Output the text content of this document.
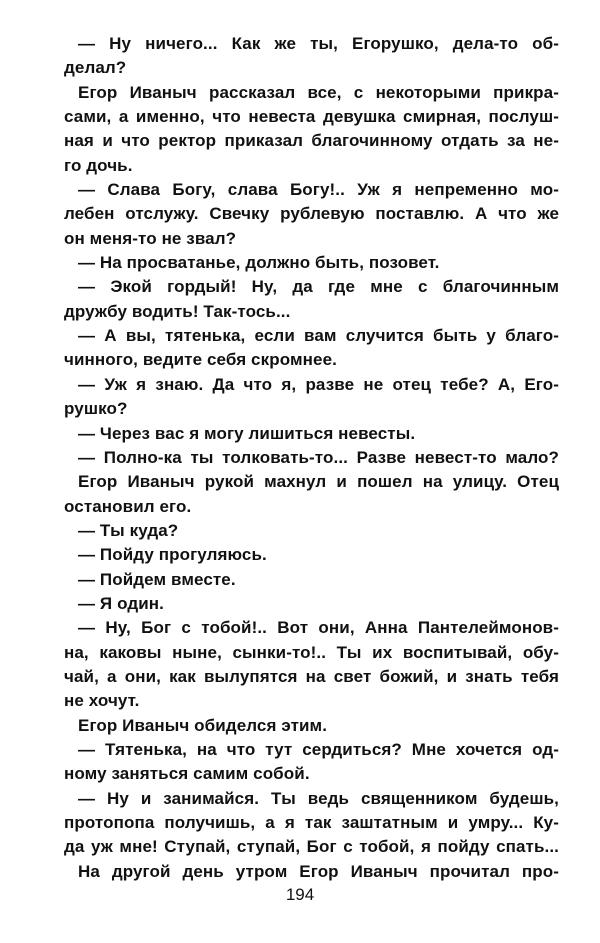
— Ну ничего... Как же ты, Егорушко, дела-то об-
делал?
Егор Иваныч рассказал все, с некоторыми прикра-
сами, а именно, что невеста девушка смирная, послуш-
ная и что ректор приказал благочинному отдать за не-
го дочь.
— Слава Богу, слава Богу!.. Уж я непременно мо-
лебен отслужу. Свечку рублевую поставлю. А что же
он меня-то не звал?
— На просватанье, должно быть, позовет.
— Экой гордый! Ну, да где мне с благочинным
дружбу водить! Так-тось...
— А вы, тятенька, если вам случится быть у благо-
чинного, ведите себя скромнее.
— Уж я знаю. Да что я, разве не отец тебе? А, Его-
рушко?
— Через вас я могу лишиться невесты.
— Полно-ка ты толковать-то... Разве невест-то мало?
Егор Иваныч рукой махнул и пошел на улицу. Отец
остановил его.
— Ты куда?
— Пойду прогуляюсь.
— Пойдем вместе.
— Я один.
— Ну, Бог с тобой!.. Вот они, Анна Пантелеймонов-
на, каковы ныне, сынки-то!.. Ты их воспитывай, обу-
чай, а они, как вылупятся на свет божий, и знать тебя
не хочут.
Егор Иваныч обиделся этим.
— Тятенька, на что тут сердиться? Мне хочется од-
ному заняться самим собой.
— Ну и занимайся. Ты ведь священником будешь,
протопопа получишь, а я так заштатным и умру... Ку-
да уж мне! Ступай, ступай, Бог с тобой, я пойду спать...
На другой день утром Егор Иваныч прочитал про-
194
